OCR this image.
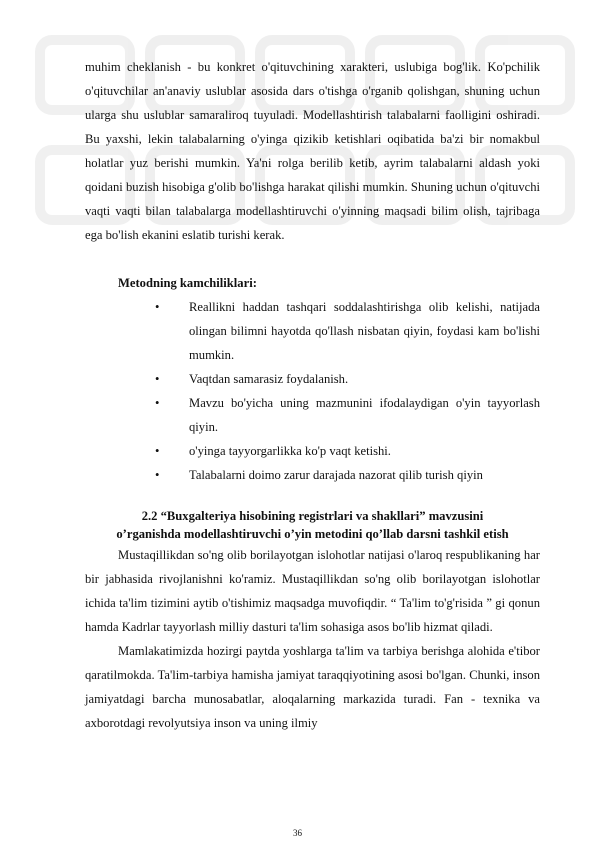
muhim cheklanish - bu konkret o'qituvchining xarakteri, uslubiga bog'lik. Ko'pchilik o'qituvchilar an'anaviy uslublar asosida dars o'tishga o'rganib qolishgan, shuning uchun ularga shu uslublar samaraliroq tuyuladi. Modellashtirish talabalarni faolligini oshiradi. Bu yaxshi, lekin talabalarning o'yinga qizikib ketishlari oqibatida ba'zi bir nomakbul holatlar yuz berishi mumkin. Ya'ni rolga berilib ketib, ayrim talabalarni aldash yoki qoidani buzish hisobiga g'olib bo'lishga harakat qilishi mumkin. Shuning uchun o'qituvchi vaqti vaqti bilan talabalarga modellashtiruvchi o'yinning maqsadi bilim olish, tajribaga ega bo'lish ekanini eslatib turishi kerak.

Metodning kamchiliklari:
• Reallikni haddan tashqari soddalashtirishga olib kelishi, natijada olingan bilimni hayotda qo'llash nisbatan qiyin, foydasi kam bo'lishi mumkin.
• Vaqtdan samarasiz foydalanish.
• Mavzu bo'yicha uning mazmunini ifodalaydigan o'yin tayyorlash qiyin.
• o'yinga tayyorgarlikka ko'p vaqt ketishi.
• Talabalarni doimo zarur darajada nazorat qilib turish qiyin
2.2 “Buxgalteriya hisobining registrlari va shakllari” mavzusini
o’rganishda modellashtiruvchi o’yin metodini qo’llab darsni tashkil etish

Mustaqillikdan so'ng olib borilayotgan islohotlar natijasi o'laroq respublikaning har bir jabhasida rivojlanishni ko'ramiz. Mustaqillikdan so'ng olib borilayotgan islohotlar ichida ta'lim tizimini aytib o'tishimiz maqsadga muvofiqdir. “ Ta'lim to'g'risida ” gi qonun hamda Kadrlar tayyorlash milliy dasturi ta'lim sohasiga asos bo'lib hizmat qiladi.

Mamlakatimizda hozirgi paytda yoshlarga ta'lim va tarbiya berishga alohida e'tibor qaratilmokda. Ta'lim-tarbiya hamisha jamiyat taraqqiyotining asosi bo'lgan. Chunki, inson jamiyatdagi barcha munosabatlar, aloqalarning markazida turadi. Fan - texnika va axborotdagi revolyutsiya inson va uning ilmiy

36
